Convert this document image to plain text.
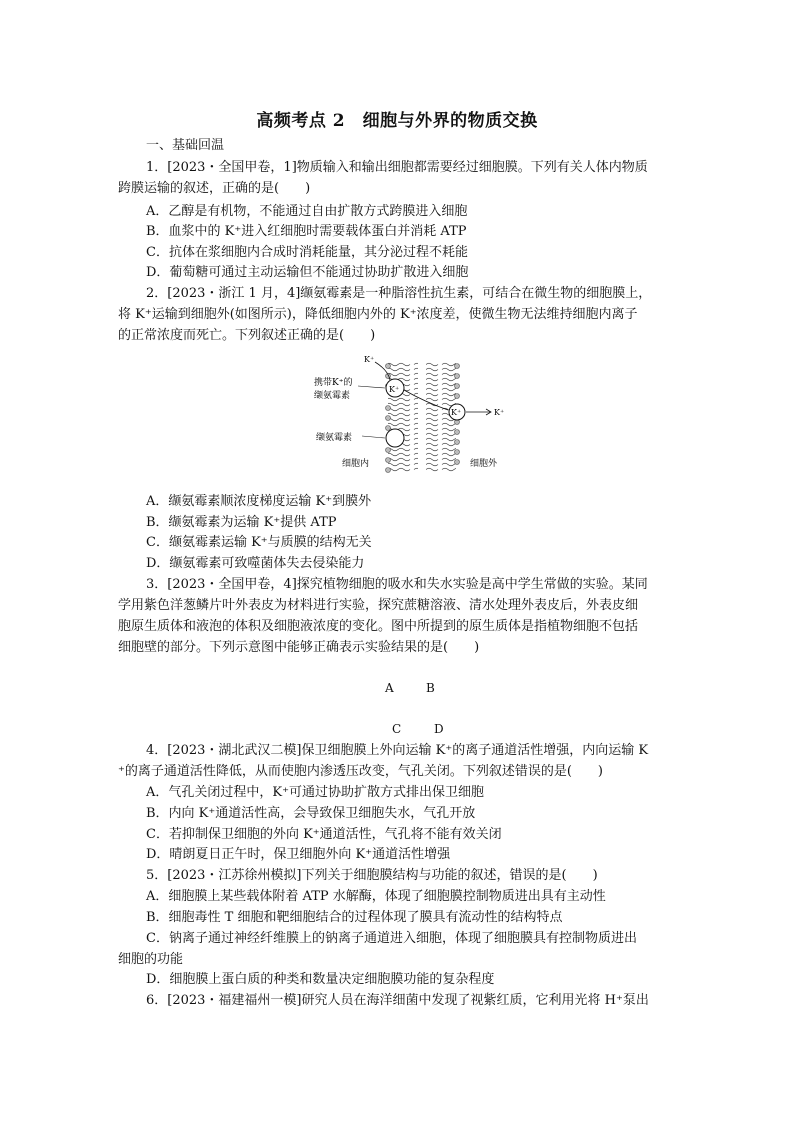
高频考点 2　细胞与外界的物质交换
一、基础回温
1．[2023・全国甲卷，1]物质输入和输出细胞都需要经过细胞膜。下列有关人体内物质
跨膜运输的叙述，正确的是(　　)
A．乙醇是有机物，不能通过自由扩散方式跨膜进入细胞
B．血浆中的 K⁺进入红细胞时需要载体蛋白并消耗 ATP
C．抗体在浆细胞内合成时消耗能量，其分泌过程不耗能
D．葡萄糖可通过主动运输但不能通过协助扩散进入细胞
2．[2023・浙江 1 月，4]缬氨霉素是一种脂溶性抗生素，可结合在微生物的细胞膜上，
将 K⁺运输到细胞外(如图所示)，降低细胞内外的 K⁺浓度差，使微生物无法维持细胞内离子
的正常浓度而死亡。下列叙述正确的是(　　)
K⁺
K⁺
K⁺
携带K⁺的
缬氨霉素
缬氨霉素
细胞内	细胞外
K⁺
A．缬氨霉素顺浓度梯度运输 K⁺到膜外
B．缬氨霉素为运输 K⁺提供 ATP
C．缬氨霉素运输 K⁺与质膜的结构无关
D．缬氨霉素可致噬菌体失去侵染能力
3．[2023・全国甲卷，4]探究植物细胞的吸水和失水实验是高中学生常做的实验。某同
学用紫色洋葱鳞片叶外表皮为材料进行实验，探究蔗糖溶液、清水处理外表皮后，外表皮细
胞原生质体和液泡的体积及细胞液浓度的变化。图中所提到的原生质体是指植物细胞不包括
细胞壁的部分。下列示意图中能够正确表示实验结果的是(　　)
A	B
C	D
4．[2023・湖北武汉二模]保卫细胞膜上外向运输 K⁺的离子通道活性增强，内向运输 K
⁺的离子通道活性降低，从而使胞内渗透压改变，气孔关闭。下列叙述错误的是(　　)
A．气孔关闭过程中，K⁺可通过协助扩散方式排出保卫细胞
B．内向 K⁺通道活性高，会导致保卫细胞失水，气孔开放
C．若抑制保卫细胞的外向 K⁺通道活性，气孔将不能有效关闭
D．晴朗夏日正午时，保卫细胞外向 K⁺通道活性增强
5．[2023・江苏徐州模拟]下列关于细胞膜结构与功能的叙述，错误的是(　　)
A．细胞膜上某些载体附着 ATP 水解酶，体现了细胞膜控制物质进出具有主动性
B．细胞毒性 T 细胞和靶细胞结合的过程体现了膜具有流动性的结构特点
C．钠离子通过神经纤维膜上的钠离子通道进入细胞，体现了细胞膜具有控制物质进出
细胞的功能
D．细胞膜上蛋白质的种类和数量决定细胞膜功能的复杂程度
6．[2023・福建福州一模]研究人员在海洋细菌中发现了视紫红质，它利用光将 H⁺泵出
